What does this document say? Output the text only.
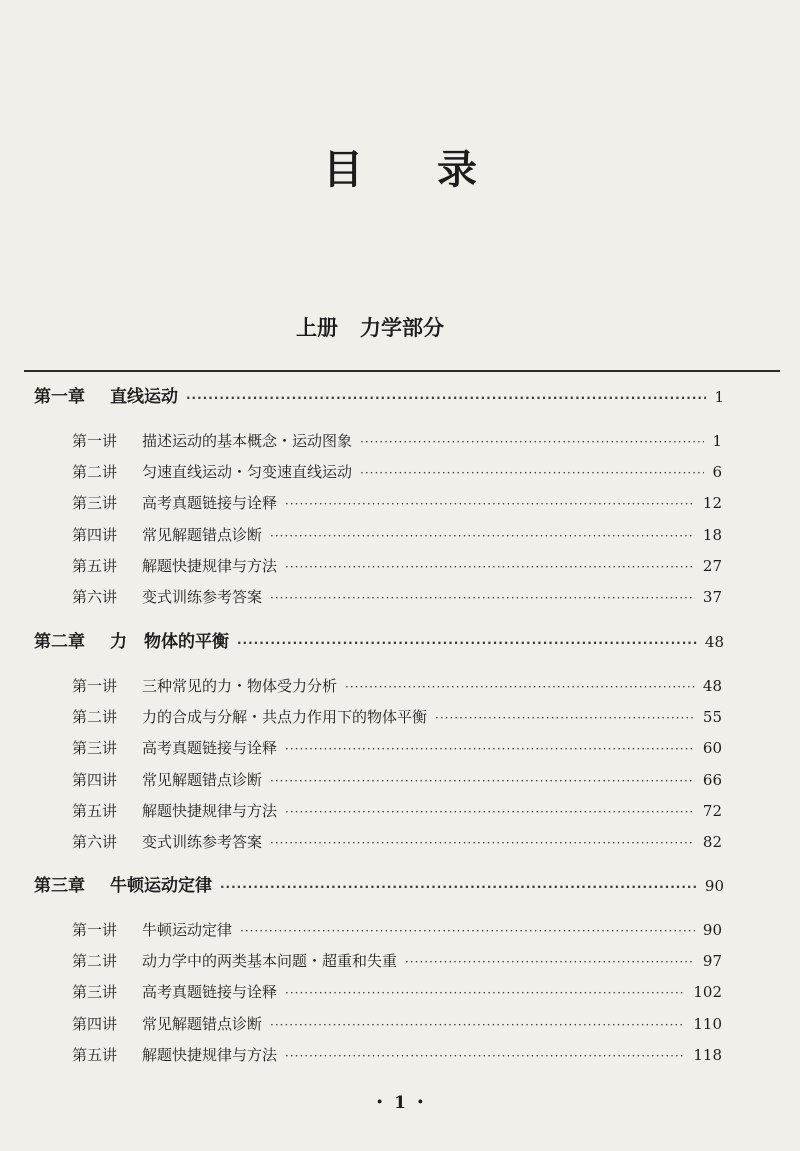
目 录
上册 力学部分
第一章	直线运动 ·····	1
第一讲	描述运动的基本概念・运动图象 ·····	1
第二讲	匀速直线运动・匀变速直线运动 ·····	6
第三讲	高考真题链接与诠释 ·····	12
第四讲	常见解题错点诊断 ·····	18
第五讲	解题快捷规律与方法 ·····	27
第六讲	变式训练参考答案 ·····	37
第二章	力　物体的平衡 ·····	48
第一讲	三种常见的力・物体受力分析 ·····	48
第二讲	力的合成与分解・共点力作用下的物体平衡 ·····	55
第三讲	高考真题链接与诠释 ·····	60
第四讲	常见解题错点诊断 ·····	66
第五讲	解题快捷规律与方法 ·····	72
第六讲	变式训练参考答案 ·····	82
第三章	牛顿运动定律 ·····	90
第一讲	牛顿运动定律 ·····	90
第二讲	动力学中的两类基本问题・超重和失重 ·····	97
第三讲	高考真题链接与诠释 ·····	102
第四讲	常见解题错点诊断 ·····	110
第五讲	解题快捷规律与方法 ·····	118
・ 1 ・
